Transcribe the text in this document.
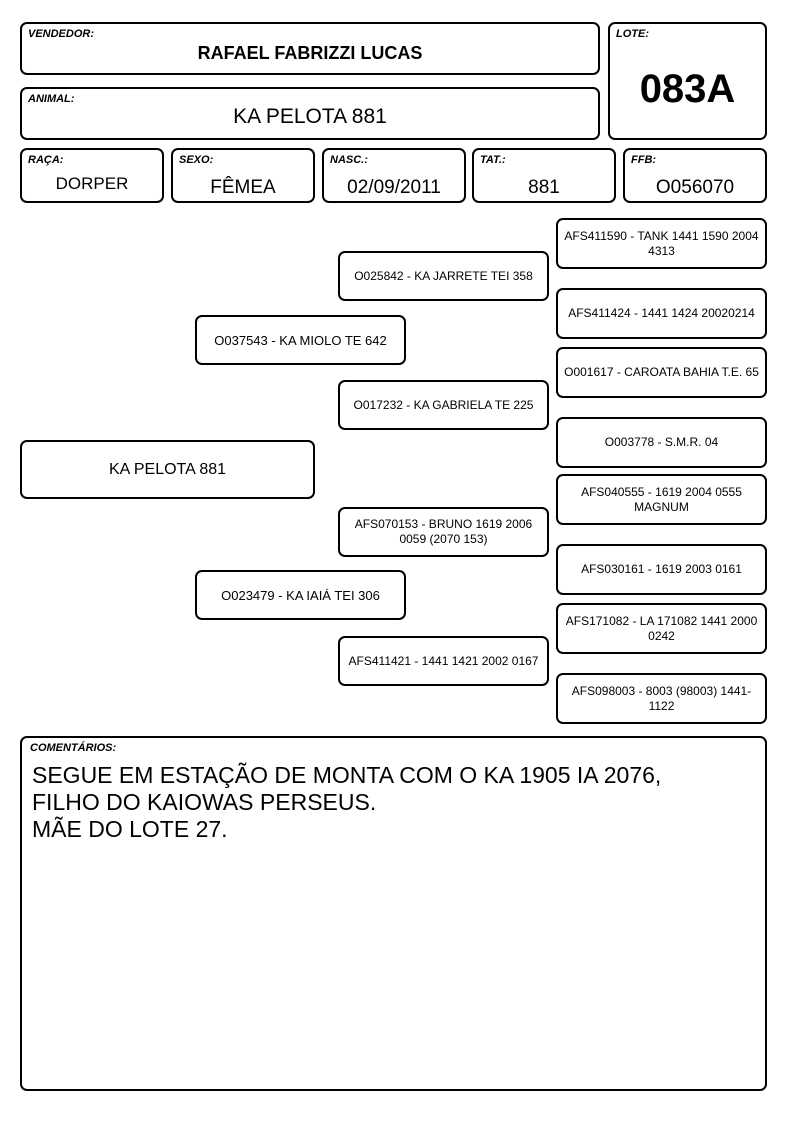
VENDEDOR:
RAFAEL FABRIZZI LUCAS
LOTE:
083A
ANIMAL:
KA PELOTA 881
RAÇA:
DORPER
SEXO:
FÊMEA
NASC.:
02/09/2011
TAT.:
881
FFB:
O056070
KA PELOTA 881
O037543 - KA MIOLO TE 642
O023479 - KA IAIÁ TEI 306
O025842 - KA JARRETE TEI 358
O017232 - KA GABRIELA TE 225
AFS070153 - BRUNO 1619 2006 0059 (2070 153)
AFS411421 - 1441 1421 2002 0167
AFS411590 - TANK 1441 1590 2004 4313
AFS411424 - 1441 1424 20020214
O001617 - CAROATA BAHIA T.E. 65
O003778 - S.M.R. 04
AFS040555 - 1619 2004 0555 MAGNUM
AFS030161 - 1619 2003 0161
AFS171082 - LA 171082 1441 2000 0242
AFS098003 - 8003 (98003) 1441-1122
COMENTÁRIOS:
SEGUE EM ESTAÇÃO DE MONTA COM O KA 1905 IA 2076,
FILHO DO KAIOWAS PERSEUS.
MÃE DO LOTE 27.
